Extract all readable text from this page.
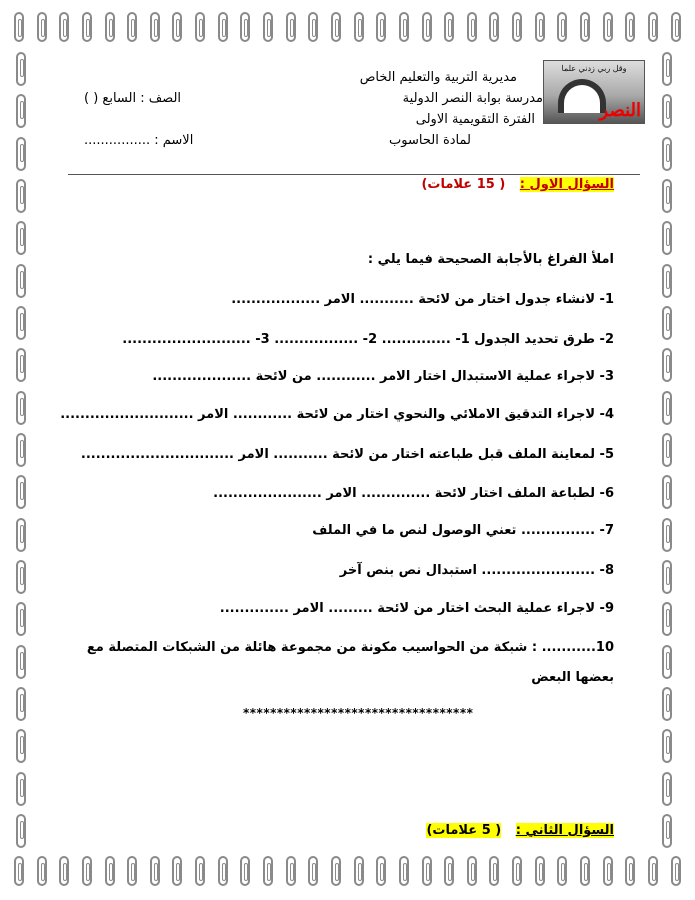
وقل ربي زدني علما
النصر
مديرية التربية والتعليم الخاص
مدرسة بوابة النصر الدولية
الفترة التقويمية الاولى
لمادة الحاسوب
الصف : السابع ( )
الاسم : ................
السؤال الاول : ( 15 علامات)
املأ الفراغ بالأجابة الصحيحة فيما يلي :
1- لانشاء جدول اختار من لائحة ........... الامر ..................
2- طرق تحديد الجدول 1- .............. 2- ................. 3- ..........................
3- لاجراء عملية الاستبدال اختار الامر ............ من لائحة ....................
4- لاجراء التدقيق الاملائي والنحوي اختار من لائحة ............ الامر ...........................
5- لمعاينة الملف قبل طباعته اختار من لائحة ........... الامر ...............................
6- لطباعة الملف اختار لائحة .............. الامر ......................
7- ............... تعني الوصول لنص ما في الملف
8- ....................... استبدال نص بنص آخر
9- لاجراء عملية البحث اختار من لائحة ......... الامر ..............
10........... : شبكة من الحواسيب مكونة من مجموعة هائلة من الشبكات المتصلة مع بعضها البعض
**********************************
السؤال الثاني : ( 5 علامات)
